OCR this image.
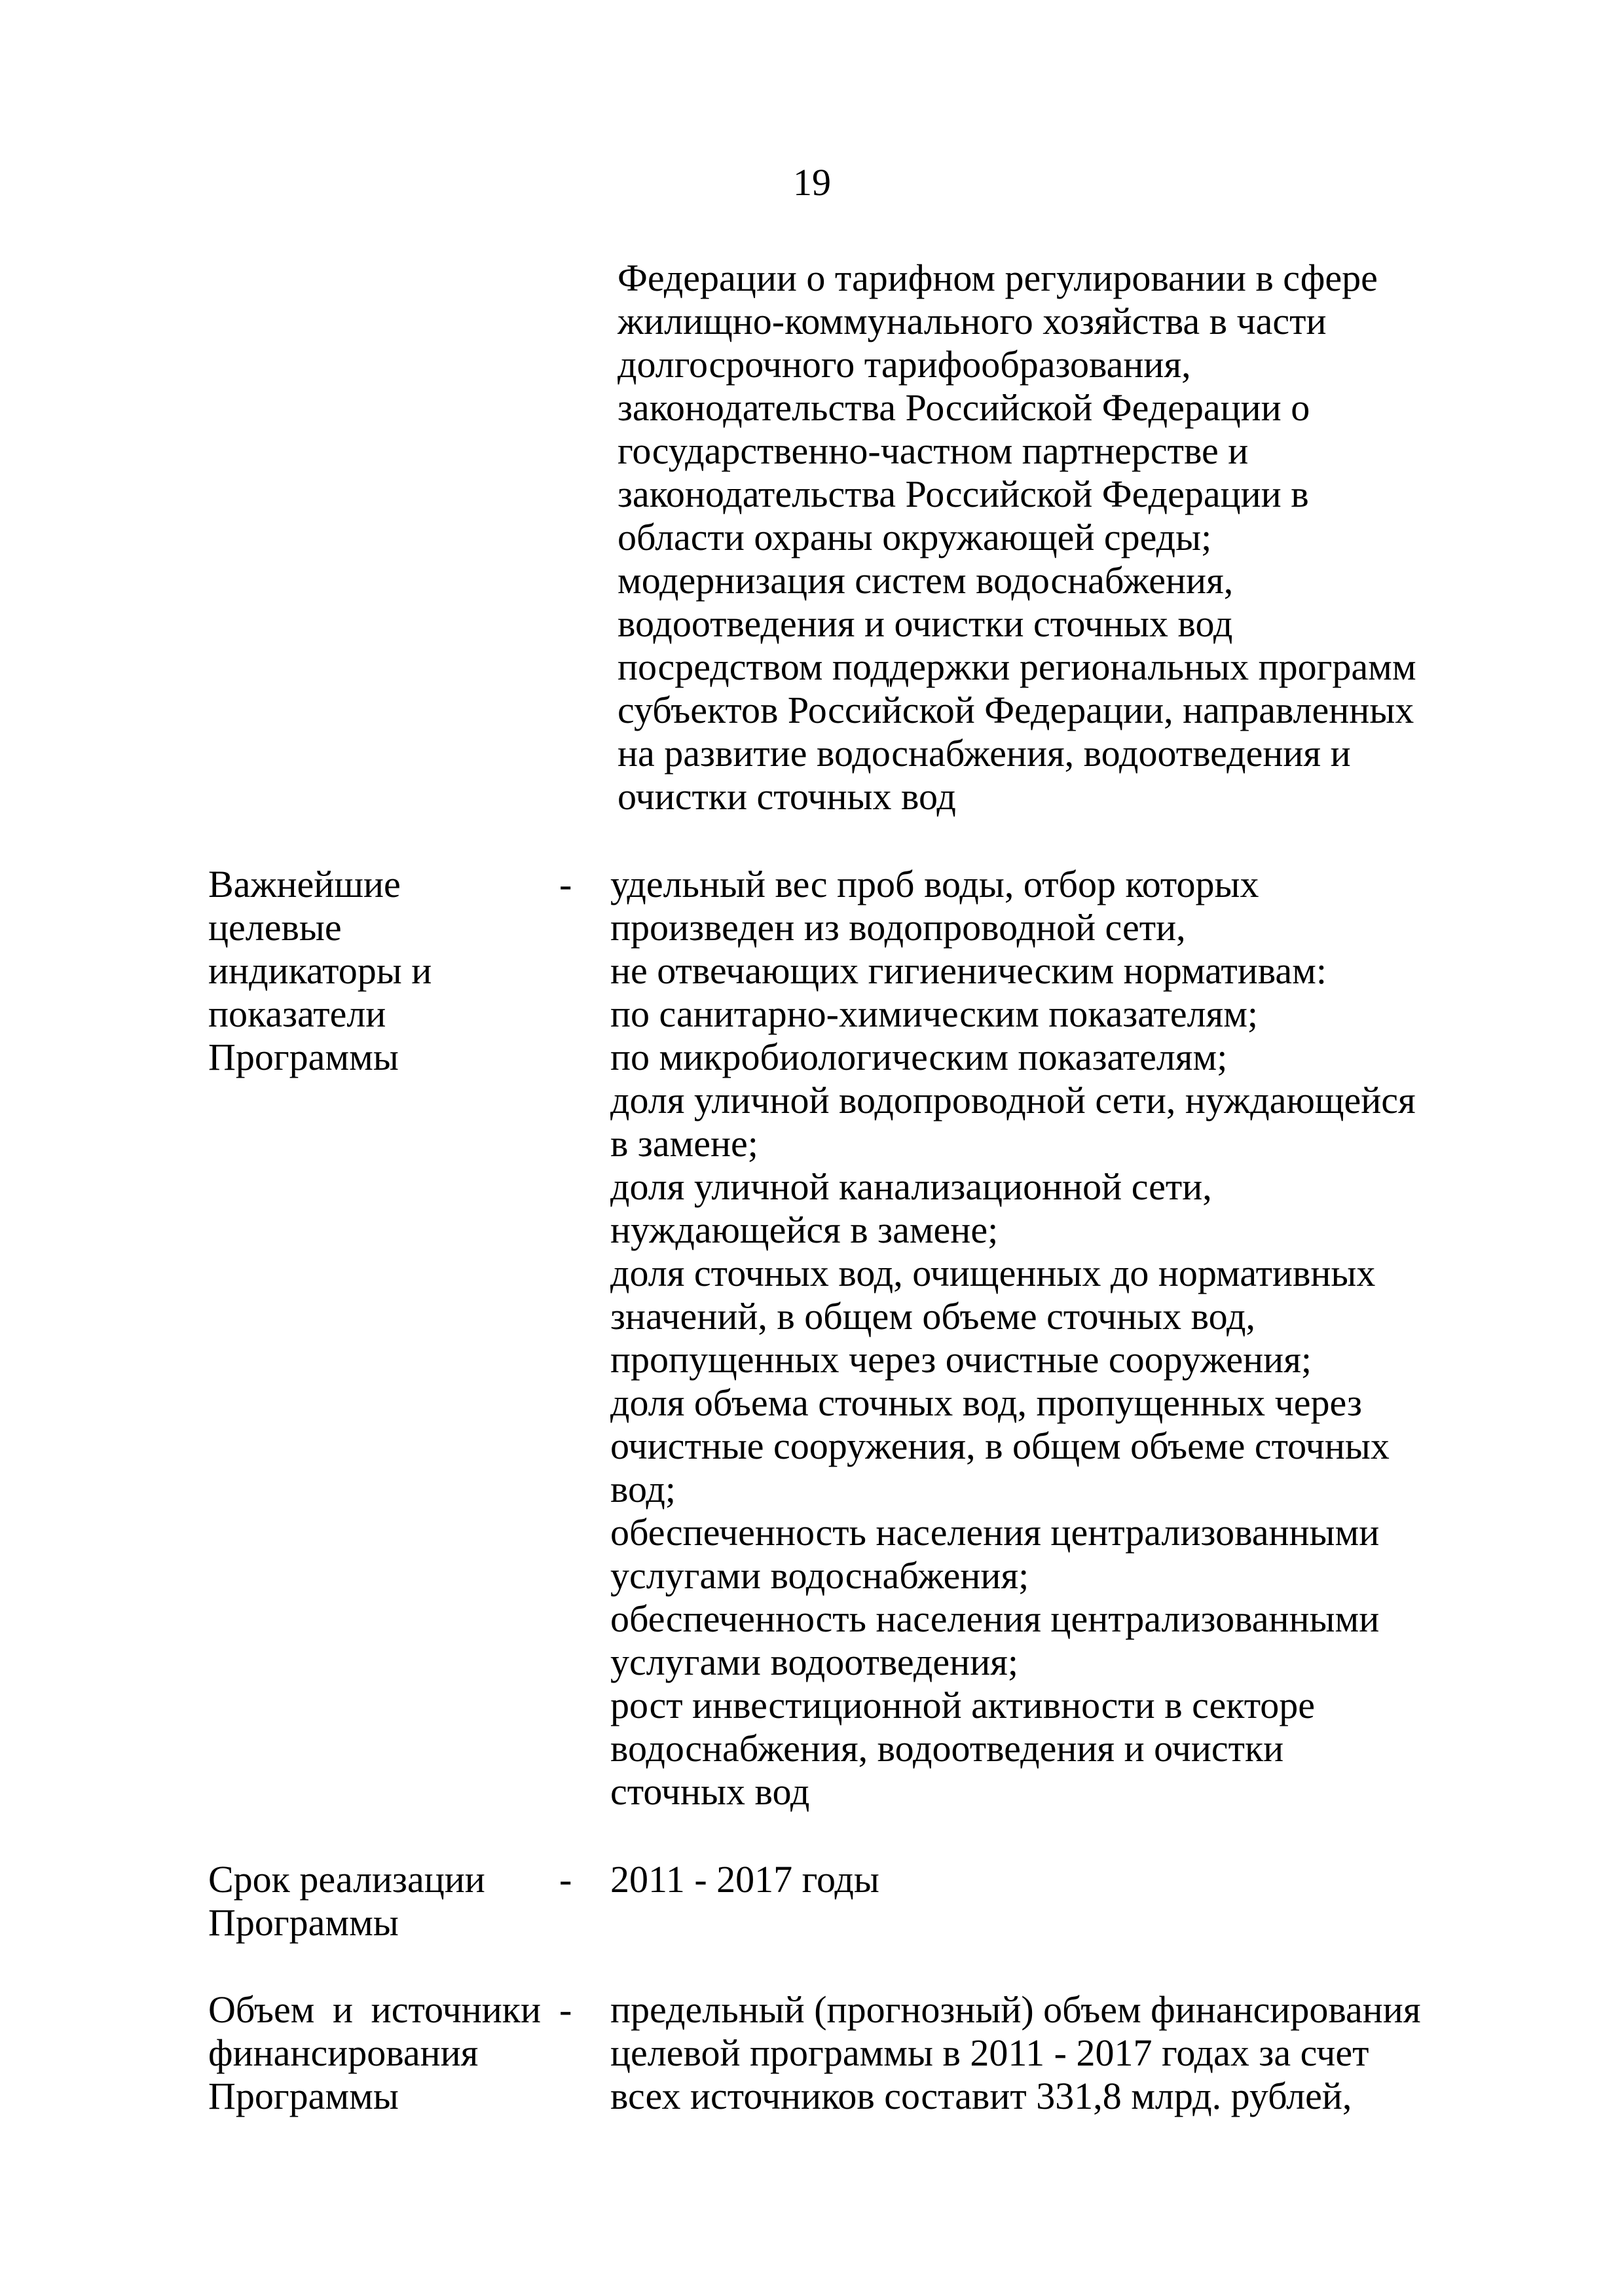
19

Федерации о тарифном регулировании в сфере

жилищно-коммунального хозяйства в части

долгосрочного тарифообразования,

законодательства Российской Федерации о

государственно-частном партнерстве и

законодательства Российской Федерации в

области охраны окружающей среды;

модернизация систем водоснабжения,

водоотведения и очистки сточных вод

посредством поддержки региональных программ

субъектов Российской Федерации, направленных

на развитие водоснабжения, водоотведения и

очистки сточных вод

Важнейшие

целевые

индикаторы и

показатели

Программы

- удельный вес проб воды, отбор которых

произведен из водопроводной сети,

не отвечающих гигиеническим нормативам:

по санитарно-химическим показателям;

по микробиологическим показателям;

доля уличной водопроводной сети, нуждающейся

в замене;

доля уличной канализационной сети,

нуждающейся в замене;

доля сточных вод, очищенных до нормативных

значений, в общем объеме сточных вод,

пропущенных через очистные сооружения;

доля объема сточных вод, пропущенных через

очистные сооружения, в общем объеме сточных

вод;

обеспеченность населения централизованными

услугами водоснабжения;

обеспеченность населения централизованными

услугами водоотведения;

рост инвестиционной активности в секторе

водоснабжения, водоотведения и очистки

сточных вод

Срок реализации

Программы

- 2011 - 2017 годы

Объем и источники

финансирования

Программы

- предельный (прогнозный) объем финансирования

целевой программы в 2011 - 2017 годах за счет

всех источников составит 331,8 млрд. рублей,
